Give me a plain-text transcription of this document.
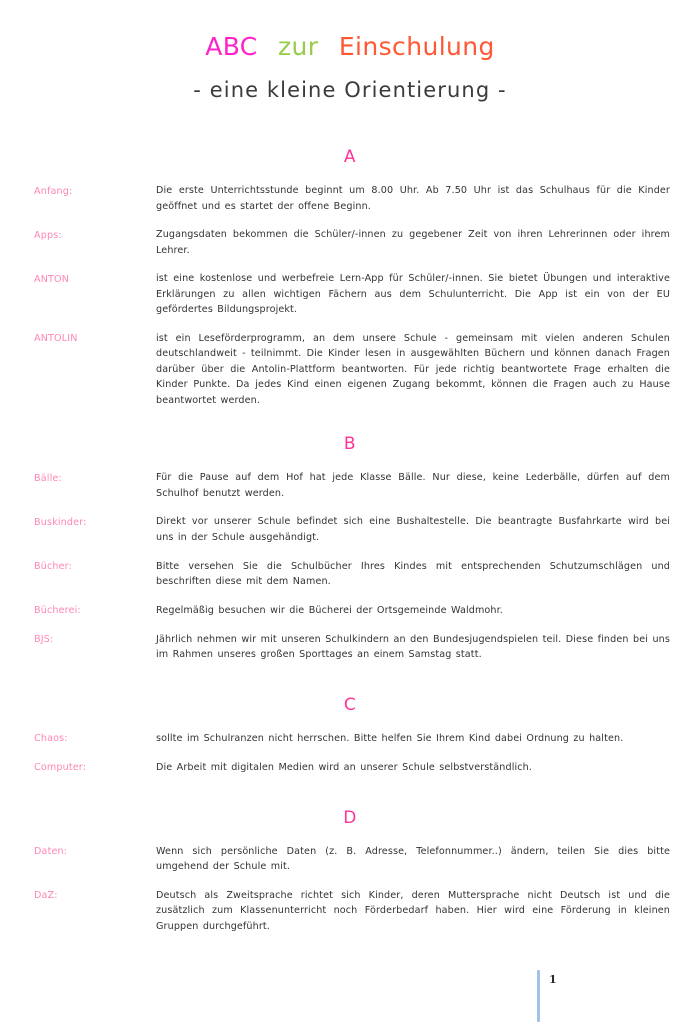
ABC zur Einschulung
- eine kleine Orientierung -
A
Anfang:	Die erste Unterrichtsstunde beginnt um 8.00 Uhr. Ab 7.50 Uhr ist das Schulhaus für die Kinder geöffnet und es startet der offene Beginn.
Apps:	Zugangsdaten bekommen die Schüler/-innen zu gegebener Zeit von ihren Lehrerinnen oder ihrem Lehrer.
ANTON	ist eine kostenlose und werbefreie Lern-App für Schüler/-innen. Sie bietet Übungen und interaktive Erklärungen zu allen wichtigen Fächern aus dem Schulunterricht. Die App ist ein von der EU gefördertes Bildungsprojekt.
ANTOLIN	ist ein Leseförderprogramm, an dem unsere Schule - gemeinsam mit vielen anderen Schulen deutschlandweit - teilnimmt. Die Kinder lesen in ausgewählten Büchern und können danach Fragen darüber über die Antolin-Plattform beantworten. Für jede richtig beantwortete Frage erhalten die Kinder Punkte. Da jedes Kind einen eigenen Zugang bekommt, können die Fragen auch zu Hause beantwortet werden.
B
Bälle:	Für die Pause auf dem Hof hat jede Klasse Bälle. Nur diese, keine Lederbälle, dürfen auf dem Schulhof benutzt werden.
Buskinder:	Direkt vor unserer Schule befindet sich eine Bushaltestelle. Die beantragte Busfahrkarte wird bei uns in der Schule ausgehändigt.
Bücher:	Bitte versehen Sie die Schulbücher Ihres Kindes mit entsprechenden Schutzumschlägen und beschriften diese mit dem Namen.
Bücherei:	Regelmäßig besuchen wir die Bücherei der Ortsgemeinde Waldmohr.
BJS:	Jährlich nehmen wir mit unseren Schulkindern an den Bundesjugendspielen teil. Diese finden bei uns im Rahmen unseres großen Sporttages an einem Samstag statt.
C
Chaos:	sollte im Schulranzen nicht herrschen. Bitte helfen Sie Ihrem Kind dabei Ordnung zu halten.
Computer:	Die Arbeit mit digitalen Medien wird an unserer Schule selbstverständlich.
D
Daten:	Wenn sich persönliche Daten (z. B. Adresse, Telefonnummer..) ändern, teilen Sie dies bitte umgehend der Schule mit.
DaZ:	Deutsch als Zweitsprache richtet sich Kinder, deren Muttersprache nicht Deutsch ist und die zusätzlich zum Klassenunterricht noch Förderbedarf haben. Hier wird eine Förderung in kleinen Gruppen durchgeführt.
1
